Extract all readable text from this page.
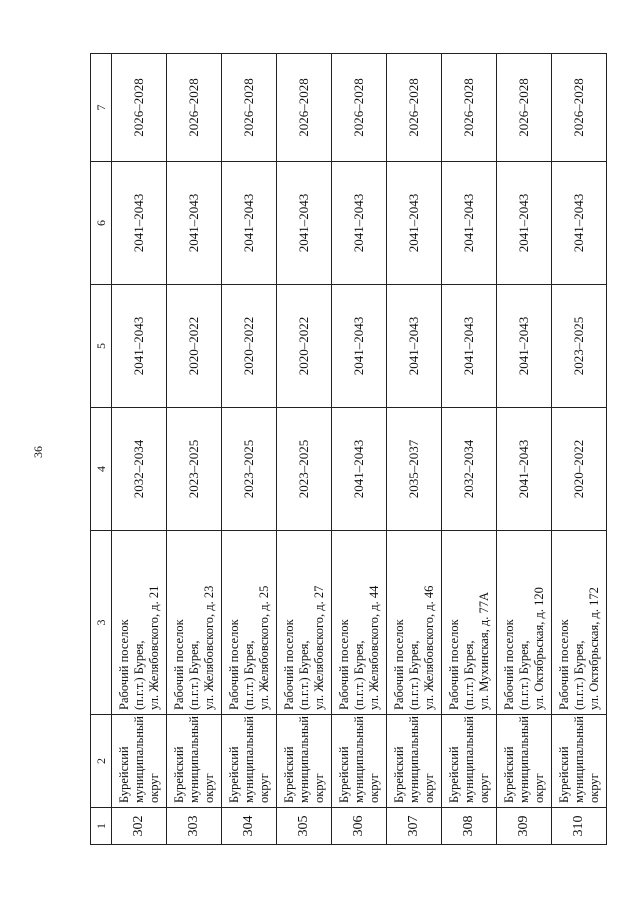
36
1	2	3	4	5	6	7
302	Бурейский муниципальный округ	Рабочий поселок (п.г.т.) Бурея, ул. Желябовского, д. 21	2032–2034	2041–2043	2041–2043	2026–2028
303	Бурейский муниципальный округ	Рабочий поселок (п.г.т.) Бурея, ул. Желябовского, д. 23	2023–2025	2020–2022	2041–2043	2026–2028
304	Бурейский муниципальный округ	Рабочий поселок (п.г.т.) Бурея, ул. Желябовского, д. 25	2023–2025	2020–2022	2041–2043	2026–2028
305	Бурейский муниципальный округ	Рабочий поселок (п.г.т.) Бурея, ул. Желябовского, д. 27	2023–2025	2020–2022	2041–2043	2026–2028
306	Бурейский муниципальный округ	Рабочий поселок (п.г.т.) Бурея, ул. Желябовского, д. 44	2041–2043	2041–2043	2041–2043	2026–2028
307	Бурейский муниципальный округ	Рабочий поселок (п.г.т.) Бурея, ул. Желябовского, д. 46	2035–2037	2041–2043	2041–2043	2026–2028
308	Бурейский муниципальный округ	Рабочий поселок (п.г.т.) Бурея, ул. Мухинская, д. 77А	2032–2034	2041–2043	2041–2043	2026–2028
309	Бурейский муниципальный округ	Рабочий поселок (п.г.т.) Бурея, ул. Октябрьская, д. 120	2041–2043	2041–2043	2041–2043	2026–2028
310	Бурейский муниципальный округ	Рабочий поселок (п.г.т.) Бурея, ул. Октябрьская, д. 172	2020–2022	2023–2025	2041–2043	2026–2028
